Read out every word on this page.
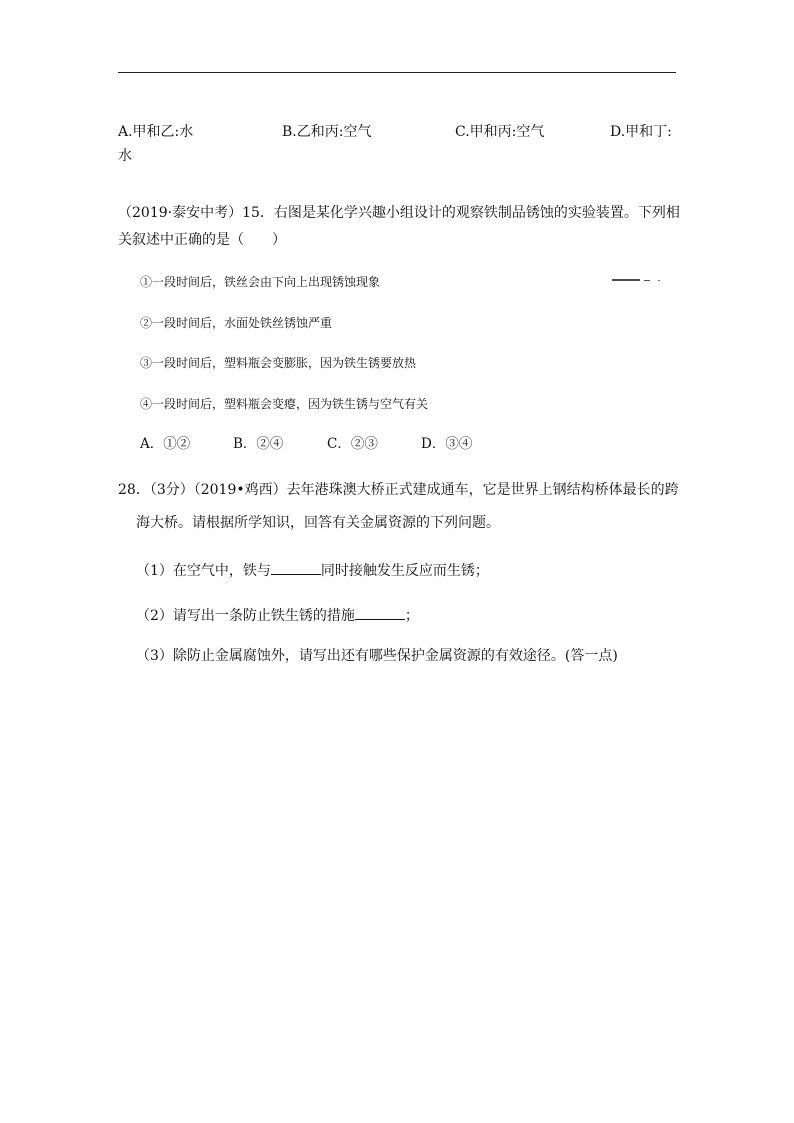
A.甲和乙:水	B.乙和丙:空气	C.甲和丙:空气	D.甲和丁:
水
（2019·泰安中考）15．右图是某化学兴趣小组设计的观察铁制品锈蚀的实验装置。下列相
关叙述中正确的是（　　）
①一段时间后，铁丝会由下向上出现锈蚀现象
②一段时间后，水面处铁丝锈蚀严重
③一段时间后，塑料瓶会变膨胀，因为铁生锈要放热
④一段时间后，塑料瓶会变瘪，因为铁生锈与空气有关
A．①②	B．②④	C．②③	D．③④
28．（3分）（2019•鸡西）去年港珠澳大桥正式建成通车，它是世界上钢结构桥体最长的跨
海大桥。请根据所学知识，回答有关金属资源的下列问题。
（1）在空气中，铁与	同时接触发生反应而生锈；
（2）请写出一条防止铁生锈的措施	；
（3）除防止金属腐蚀外，请写出还有哪些保护金属资源的有效途径。(答一点)
